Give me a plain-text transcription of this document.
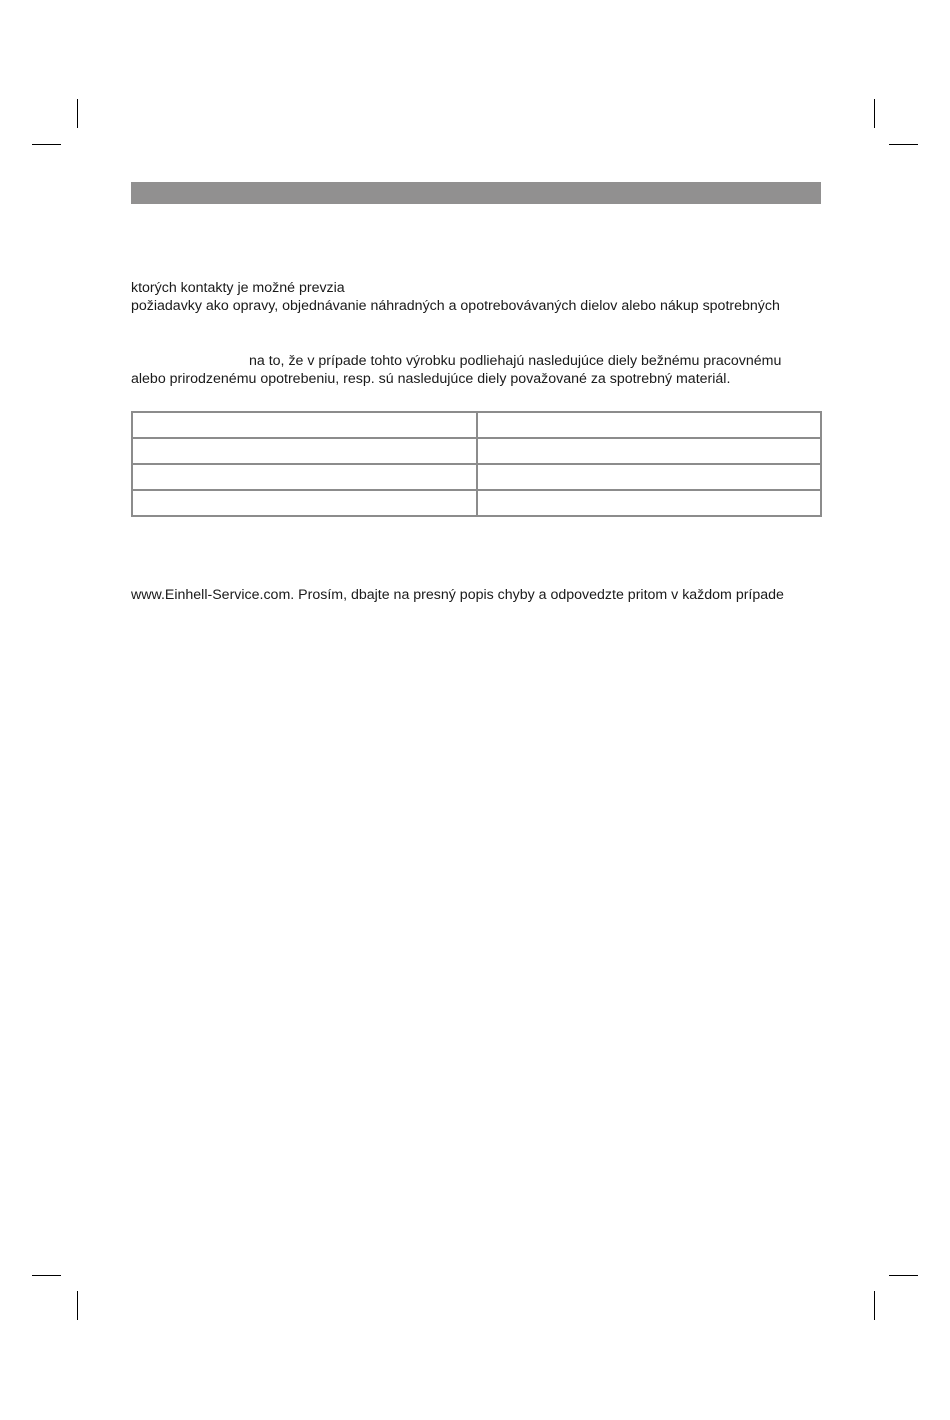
ktorých kontakty je možné prevzia
požiadavky ako opravy, objednávanie náhradných a opotrebovávaných dielov alebo nákup spotrebných
na to, že v prípade tohto výrobku podliehajú nasledujúce diely bežnému pracovnému
alebo prirodzenému opotrebeniu, resp. sú nasledujúce diely považované za spotrebný materiál.

www.Einhell-Service.com. Prosím, dbajte na presný popis chyby a odpovedzte pritom v každom prípade
